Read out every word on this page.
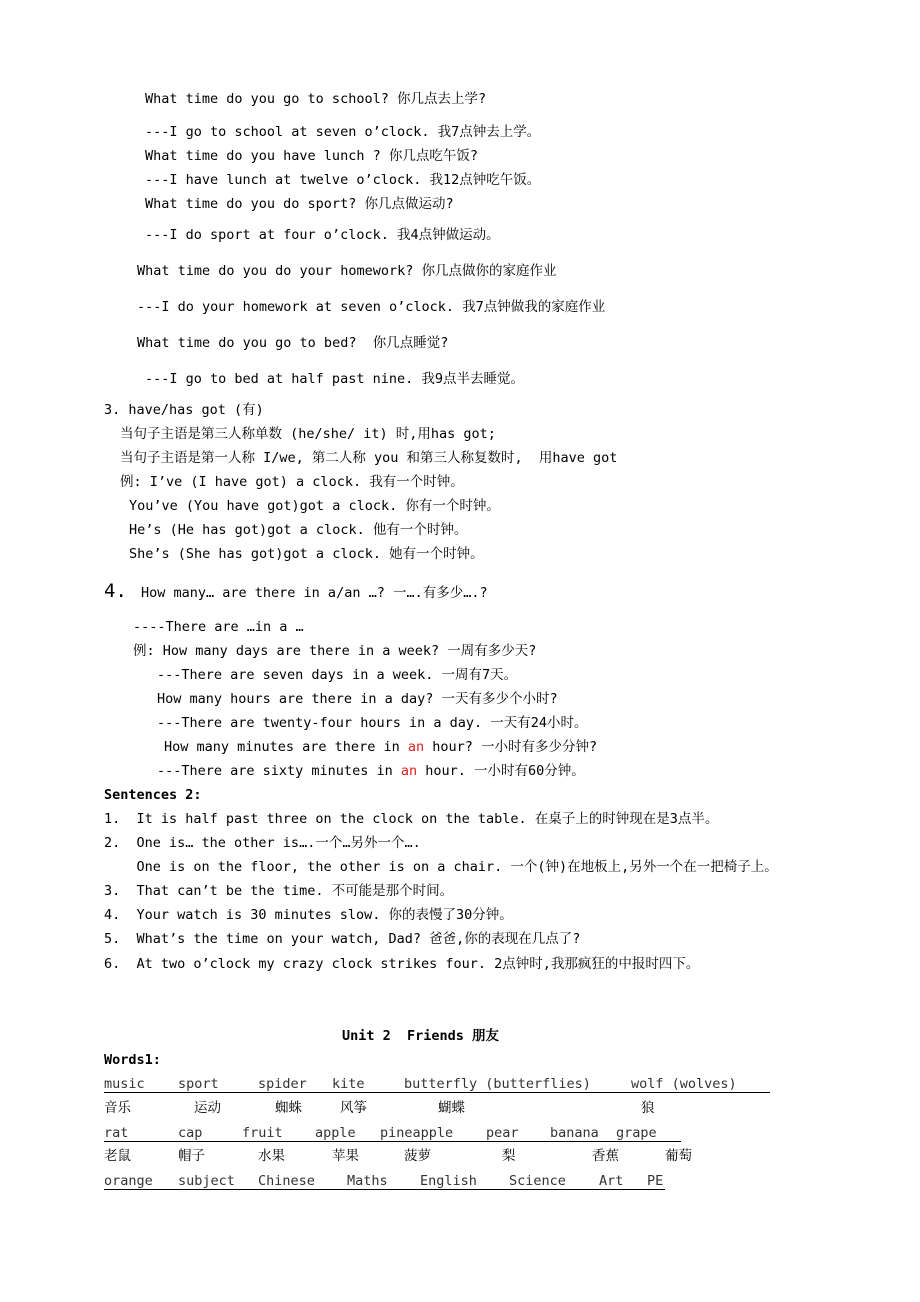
What time do you go to school? 你几点去上学?
---I go to school at seven o’clock. 我7点钟去上学。
What time do you have lunch ? 你几点吃午饭?
---I have lunch at twelve o’clock. 我12点钟吃午饭。
What time do you do sport? 你几点做运动?
---I do sport at four o’clock. 我4点钟做运动。
What time do you do your homework? 你几点做你的家庭作业
---I do your homework at seven o’clock. 我7点钟做我的家庭作业
What time do you go to bed?  你几点睡觉?
---I go to bed at half past nine. 我9点半去睡觉。
3. have/has got (有)
当句子主语是第三人称单数 (he/she/ it) 时,用has got;
当句子主语是第一人称 I/we, 第二人称 you 和第三人称复数时,  用have got
例: I’ve (I have got) a clock. 我有一个时钟。
You’ve (You have got)got a clock. 你有一个时钟。
He’s (He has got)got a clock. 他有一个时钟。
She’s (She has got)got a clock. 她有一个时钟。
4. How many… are there in a/an …? 一….有多少….?
----There are …in a …
例: How many days are there in a week? 一周有多少天?
---There are seven days in a week. 一周有7天。
How many hours are there in a day? 一天有多少个小时?
---There are twenty-four hours in a day. 一天有24小时。
How many minutes are there in an hour? 一小时有多少分钟?
---There are sixty minutes in an hour. 一小时有60分钟。
Sentences 2:
1.  It is half past three on the clock on the table. 在桌子上的时钟现在是3点半。
2.  One is… the other is….一个…另外一个….
One is on the floor, the other is on a chair. 一个(钟)在地板上,另外一个在一把椅子上。
3.  That can’t be the time. 不可能是那个时间。
4.  Your watch is 30 minutes slow. 你的表慢了30分钟。
5.  What’s the time on your watch, Dad? 爸爸,你的表现在几点了?
6.  At two o’clock my crazy clock strikes four. 2点钟时,我那疯狂的中报时四下。
Unit 2  Friends 朋友
Words1:
music sport	spider kite	butterfly (butterflies)	wolf (wolves)
音乐	运动	蜘蛛	风筝	蝴蝶	狼
rat	cap	fruit apple pineapple pear banana grape
老鼠	帽子	水果	苹果	菠萝	梨	香蕉	葡萄
orange subject Chinese Maths English Science Art PE
